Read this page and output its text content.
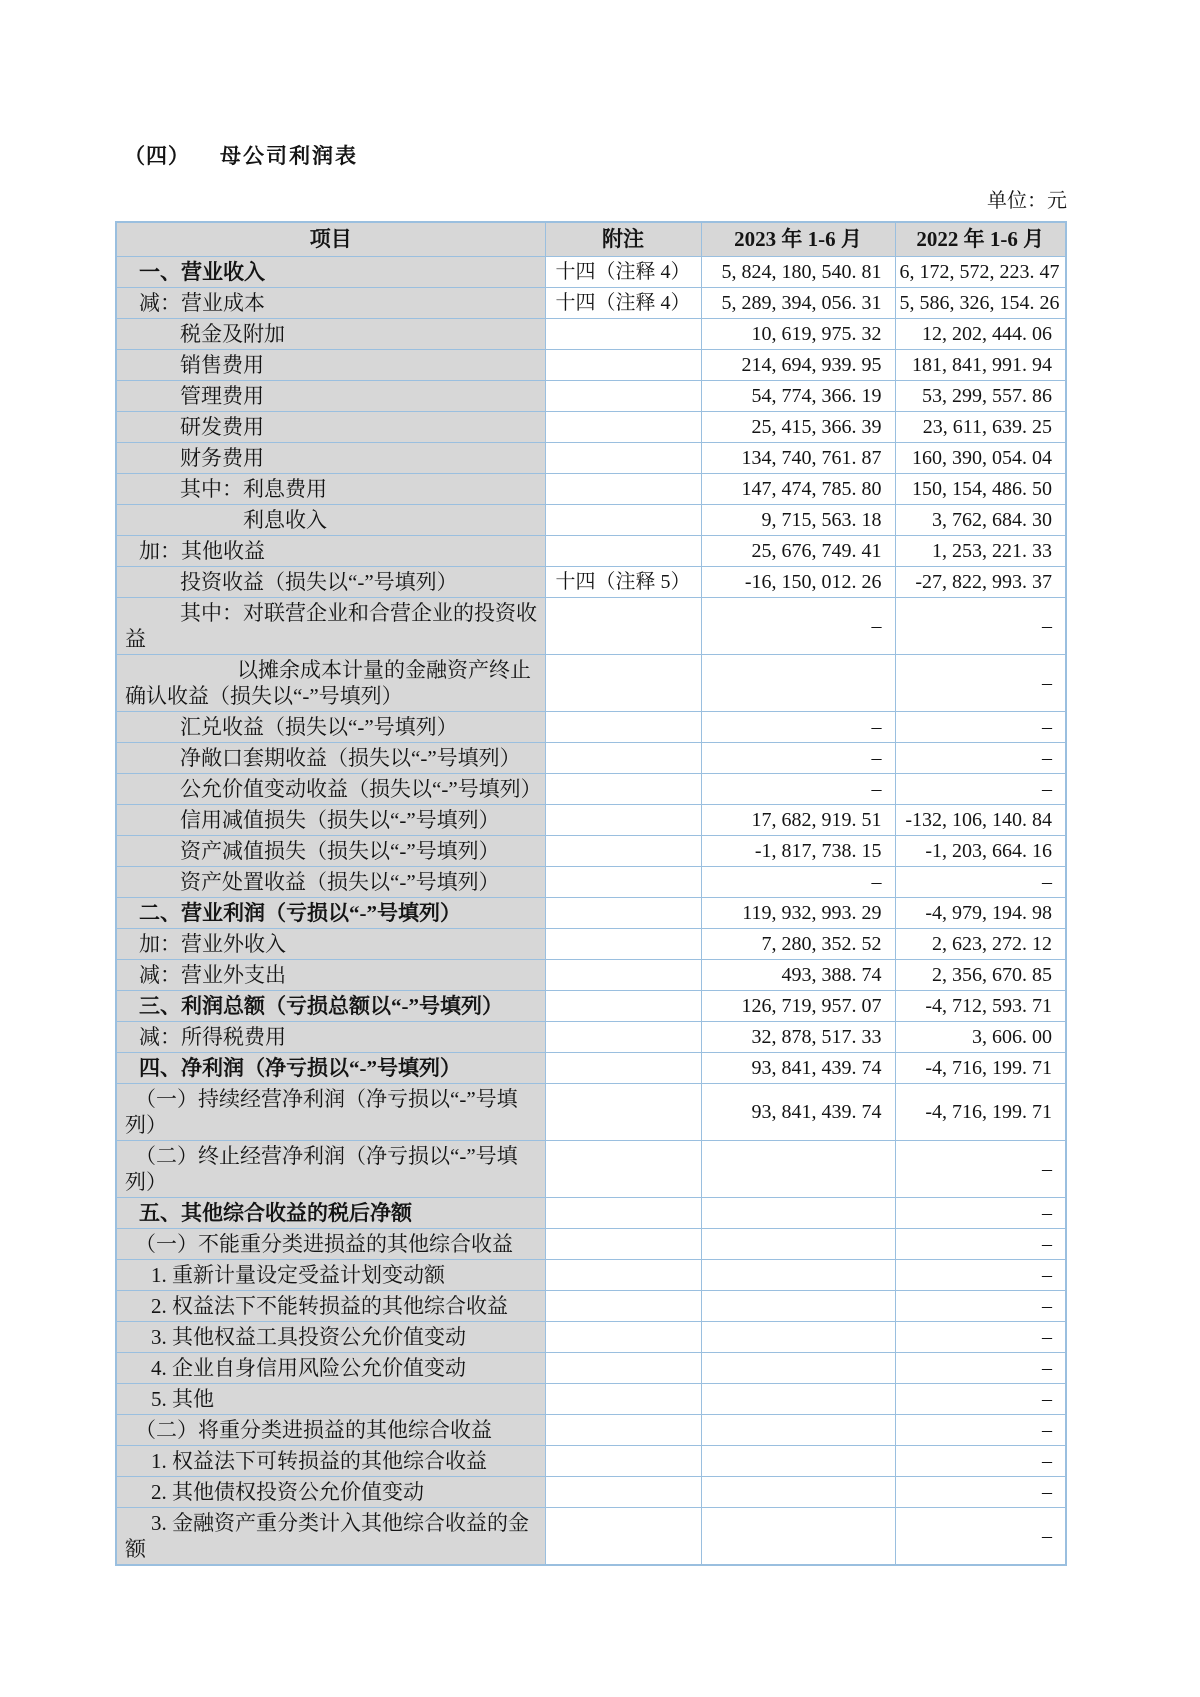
（四） 母公司利润表
单位：元
项目	附注	2023 年 1-6 月	2022 年 1-6 月
一、营业收入	十四（注释 4）	5, 824, 180, 540. 81	6, 172, 572, 223. 47
减：营业成本	十四（注释 4）	5, 289, 394, 056. 31	5, 586, 326, 154. 26
税金及附加		10, 619, 975. 32	12, 202, 444. 06
销售费用		214, 694, 939. 95	181, 841, 991. 94
管理费用		54, 774, 366. 19	53, 299, 557. 86
研发费用		25, 415, 366. 39	23, 611, 639. 25
财务费用		134, 740, 761. 87	160, 390, 054. 04
其中：利息费用		147, 474, 785. 80	150, 154, 486. 50
利息收入		9, 715, 563. 18	3, 762, 684. 30
加：其他收益		25, 676, 749. 41	1, 253, 221. 33
投资收益（损失以“-”号填列）	十四（注释 5）	-16, 150, 012. 26	-27, 822, 993. 37
其中：对联营企业和合营企业的投资收益		–	–
以摊余成本计量的金融资产终止确认收益（损失以“-”号填列）			–
汇兑收益（损失以“-”号填列）		–	–
净敞口套期收益（损失以“-”号填列）		–	–
公允价值变动收益（损失以“-”号填列）		–	–
信用减值损失（损失以“-”号填列）		17, 682, 919. 51	-132, 106, 140. 84
资产减值损失（损失以“-”号填列）		-1, 817, 738. 15	-1, 203, 664. 16
资产处置收益（损失以“-”号填列）		–	–
二、营业利润（亏损以“-”号填列）		119, 932, 993. 29	-4, 979, 194. 98
加：营业外收入		7, 280, 352. 52	2, 623, 272. 12
减：营业外支出		493, 388. 74	2, 356, 670. 85
三、利润总额（亏损总额以“-”号填列）		126, 719, 957. 07	-4, 712, 593. 71
减：所得税费用		32, 878, 517. 33	3, 606. 00
四、净利润（净亏损以“-”号填列）		93, 841, 439. 74	-4, 716, 199. 71
（一）持续经营净利润（净亏损以“-”号填列）		93, 841, 439. 74	-4, 716, 199. 71
（二）终止经营净利润（净亏损以“-”号填列）			–
五、其他综合收益的税后净额			–
（一）不能重分类进损益的其他综合收益			–
1. 重新计量设定受益计划变动额			–
2. 权益法下不能转损益的其他综合收益			–
3. 其他权益工具投资公允价值变动			–
4. 企业自身信用风险公允价值变动			–
5. 其他			–
（二）将重分类进损益的其他综合收益			–
1. 权益法下可转损益的其他综合收益			–
2. 其他债权投资公允价值变动			–
3. 金融资产重分类计入其他综合收益的金额			–
